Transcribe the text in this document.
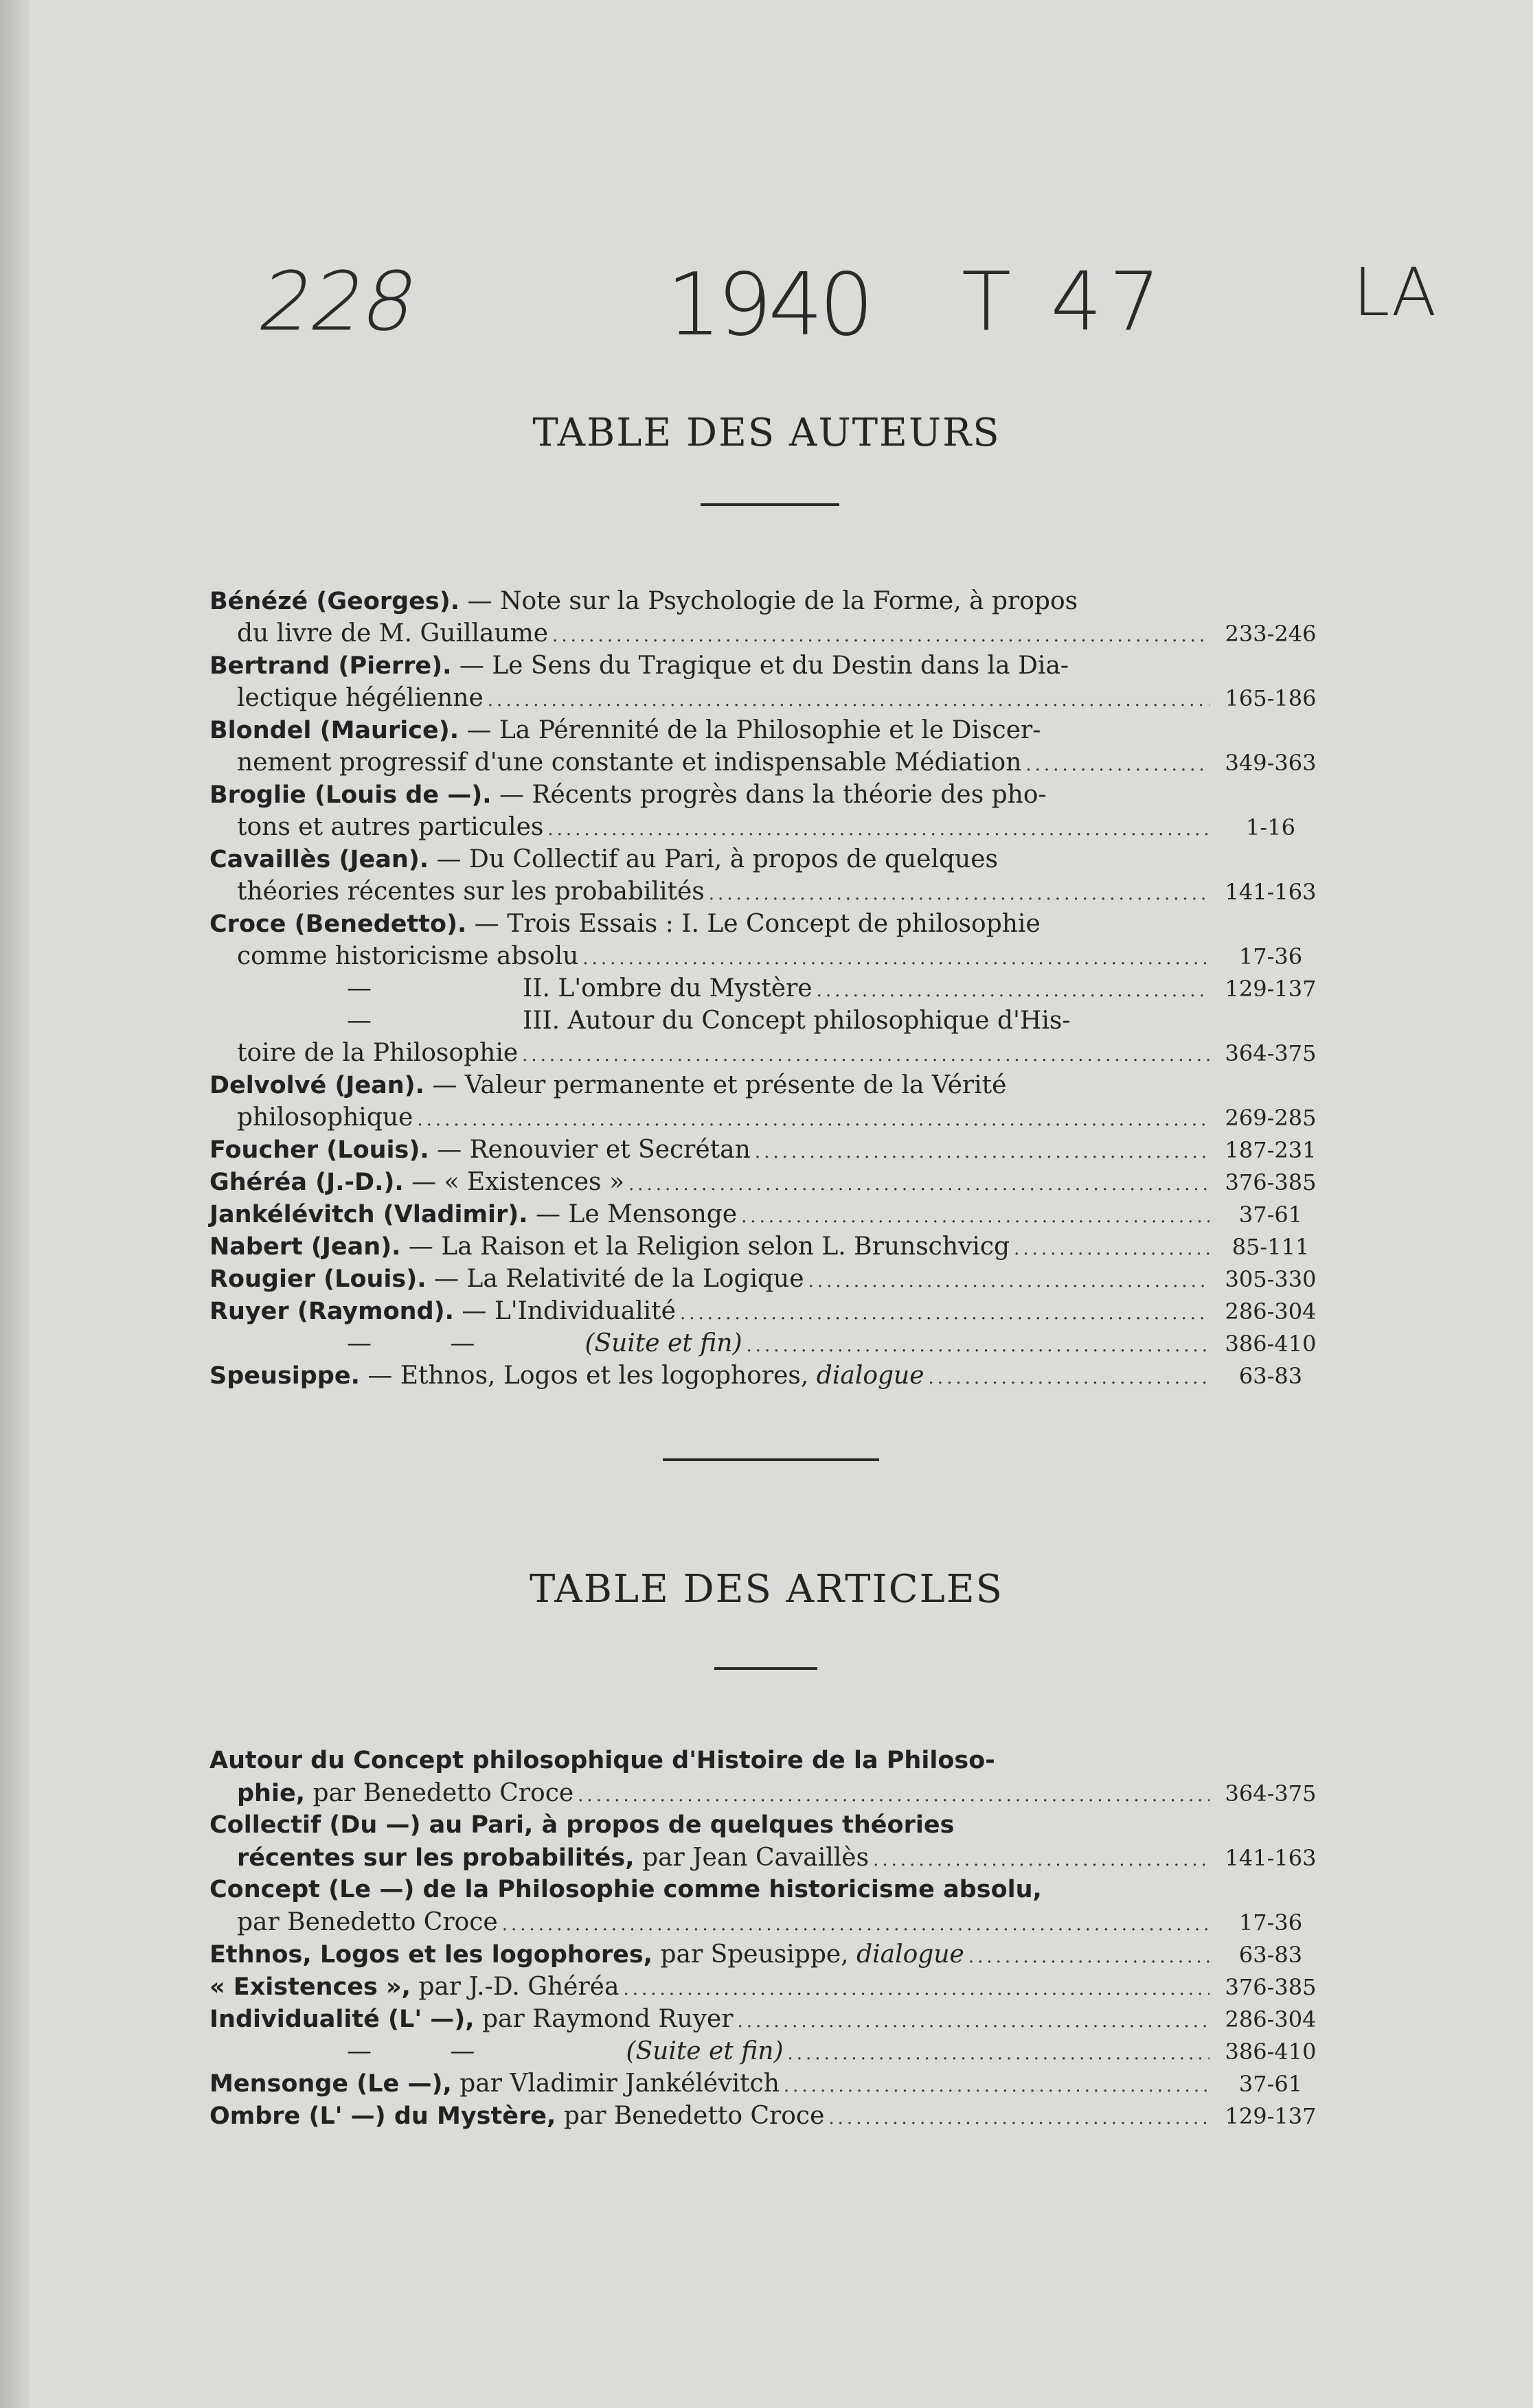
228	1940 T 47	LA
TABLE DES AUTEURS
Bénézé (Georges). — Note sur la Psychologie de la Forme, à propos
du livre de M. Guillaume .....	233-246
Bertrand (Pierre). — Le Sens du Tragique et du Destin dans la Dia-
lectique hégélienne .....	165-186
Blondel (Maurice). — La Pérennité de la Philosophie et le Discer-
nement progressif d'une constante et indispensable Médiation .....	349-363
Broglie (Louis de —). — Récents progrès dans la théorie des pho-
tons et autres particules .....	1-16
Cavaillès (Jean). — Du Collectif au Pari, à propos de quelques
théories récentes sur les probabilités .....	141-163
Croce (Benedetto). — Trois Essais : I. Le Concept de philosophie
comme historicisme absolu .....	17-36
—	II. L'ombre du Mystère .....	129-137
—	III. Autour du Concept philosophique d'His-
toire de la Philosophie .....	364-375
Delvolvé (Jean). — Valeur permanente et présente de la Vérité
philosophique .....	269-285
Foucher (Louis). — Renouvier et Secrétan .....	187-231
Ghéréa (J.-D.). — « Existences » .....	376-385
Jankélévitch (Vladimir). — Le Mensonge .....	37-61
Nabert (Jean). — La Raison et la Religion selon L. Brunschvicg .....	85-111
Rougier (Louis). — La Relativité de la Logique .....	305-330
Ruyer (Raymond). — L'Individualité .....	286-304
—          —	(Suite et fin) .....	386-410
Speusippe. — Ethnos, Logos et les logophores, dialogue .....	63-83
TABLE DES ARTICLES
Autour du Concept philosophique d'Histoire de la Philoso-
phie, par Benedetto Croce .....	364-375
Collectif (Du —) au Pari, à propos de quelques théories
récentes sur les probabilités, par Jean Cavaillès .....	141-163
Concept (Le —) de la Philosophie comme historicisme absolu,
par Benedetto Croce .....	17-36
Ethnos, Logos et les logophores, par Speusippe, dialogue .....	63-83
« Existences », par J.-D. Ghéréa .....	376-385
Individualité (L' —), par Raymond Ruyer .....	286-304
—          —	(Suite et fin) .....	386-410
Mensonge (Le —), par Vladimir Jankélévitch .....	37-61
Ombre (L' —) du Mystère, par Benedetto Croce .....	129-137
